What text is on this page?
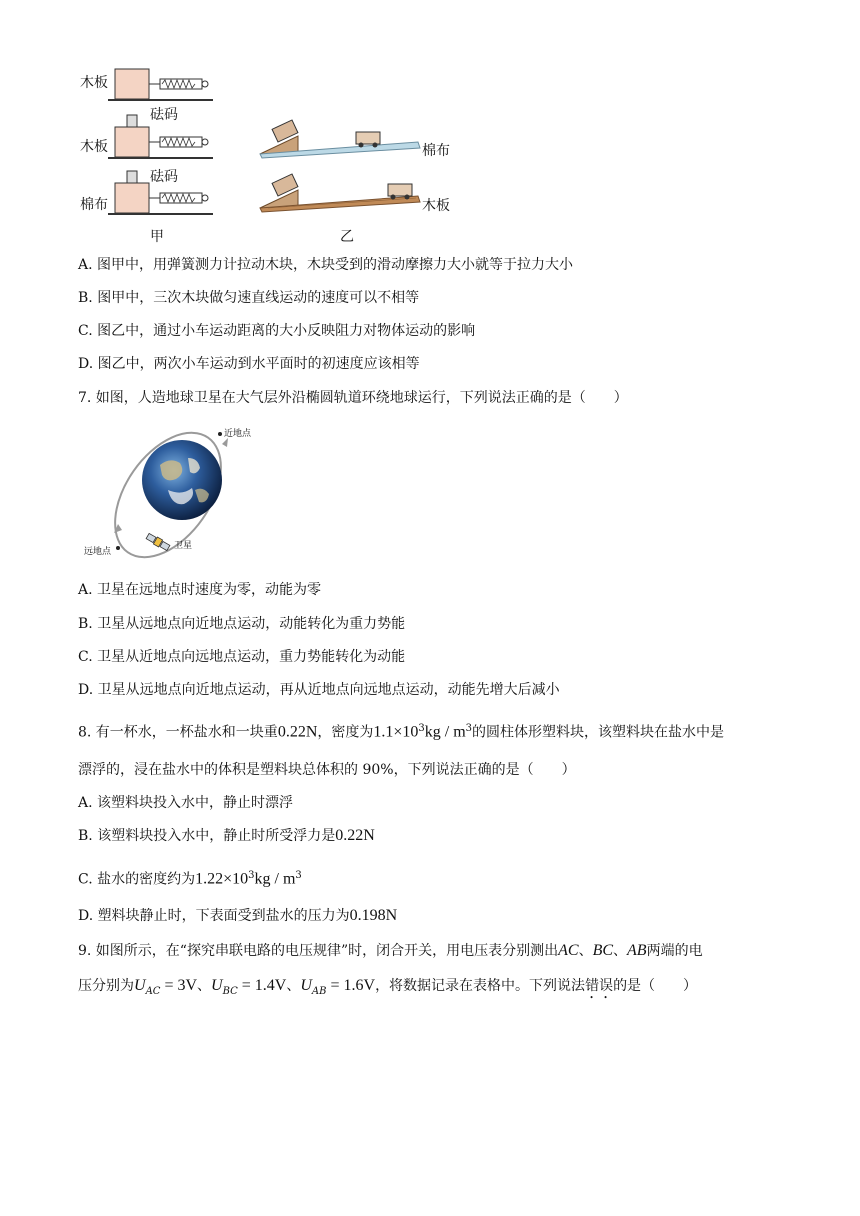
木板
砝码
木板
砝码
棉布
甲
棉布
木板
乙
A. 图甲中，用弹簧测力计拉动木块，木块受到的滑动摩擦力大小就等于拉力大小
B. 图甲中，三次木块做匀速直线运动的速度可以不相等
C. 图乙中，通过小车运动距离的大小反映阻力对物体运动的影响
D. 图乙中，两次小车运动到水平面时的初速度应该相等
7. 如图，人造地球卫星在大气层外沿椭圆轨道环绕地球运行，下列说法正确的是（　　）
近地点
远地点
卫星
A. 卫星在远地点时速度为零，动能为零
B. 卫星从远地点向近地点运动，动能转化为重力势能
C. 卫星从近地点向远地点运动，重力势能转化为动能
D. 卫星从远地点向近地点运动，再从近地点向远地点运动，动能先增大后减小
8. 有一杯水，一杯盐水和一块重0.22N，密度为$1.1\times 10^3kg / m^3$的圆柱体形塑料块，该塑料块在盐水中是
漂浮的，浸在盐水中的体积是塑料块总体积的 90%，下列说法正确的是（　　）
A. 该塑料块投入水中，静止时漂浮
B. 该塑料块投入水中，静止时所受浮力是0.22N
C. 盐水的密度约为$1.22\times 10^3kg / m^3$
D. 塑料块静止时，下表面受到盐水的压力为0.198N
9. 如图所示，在“探究串联电路的电压规律”时，闭合开关，用电压表分别测出AC、BC、AB两端的电
压分别为$U_{AC} = 3V$、$U_{BC} = 1.4V$、$U_{AB} = 1.6V$，将数据记录在表格中。下列说法错误的是（　　）
